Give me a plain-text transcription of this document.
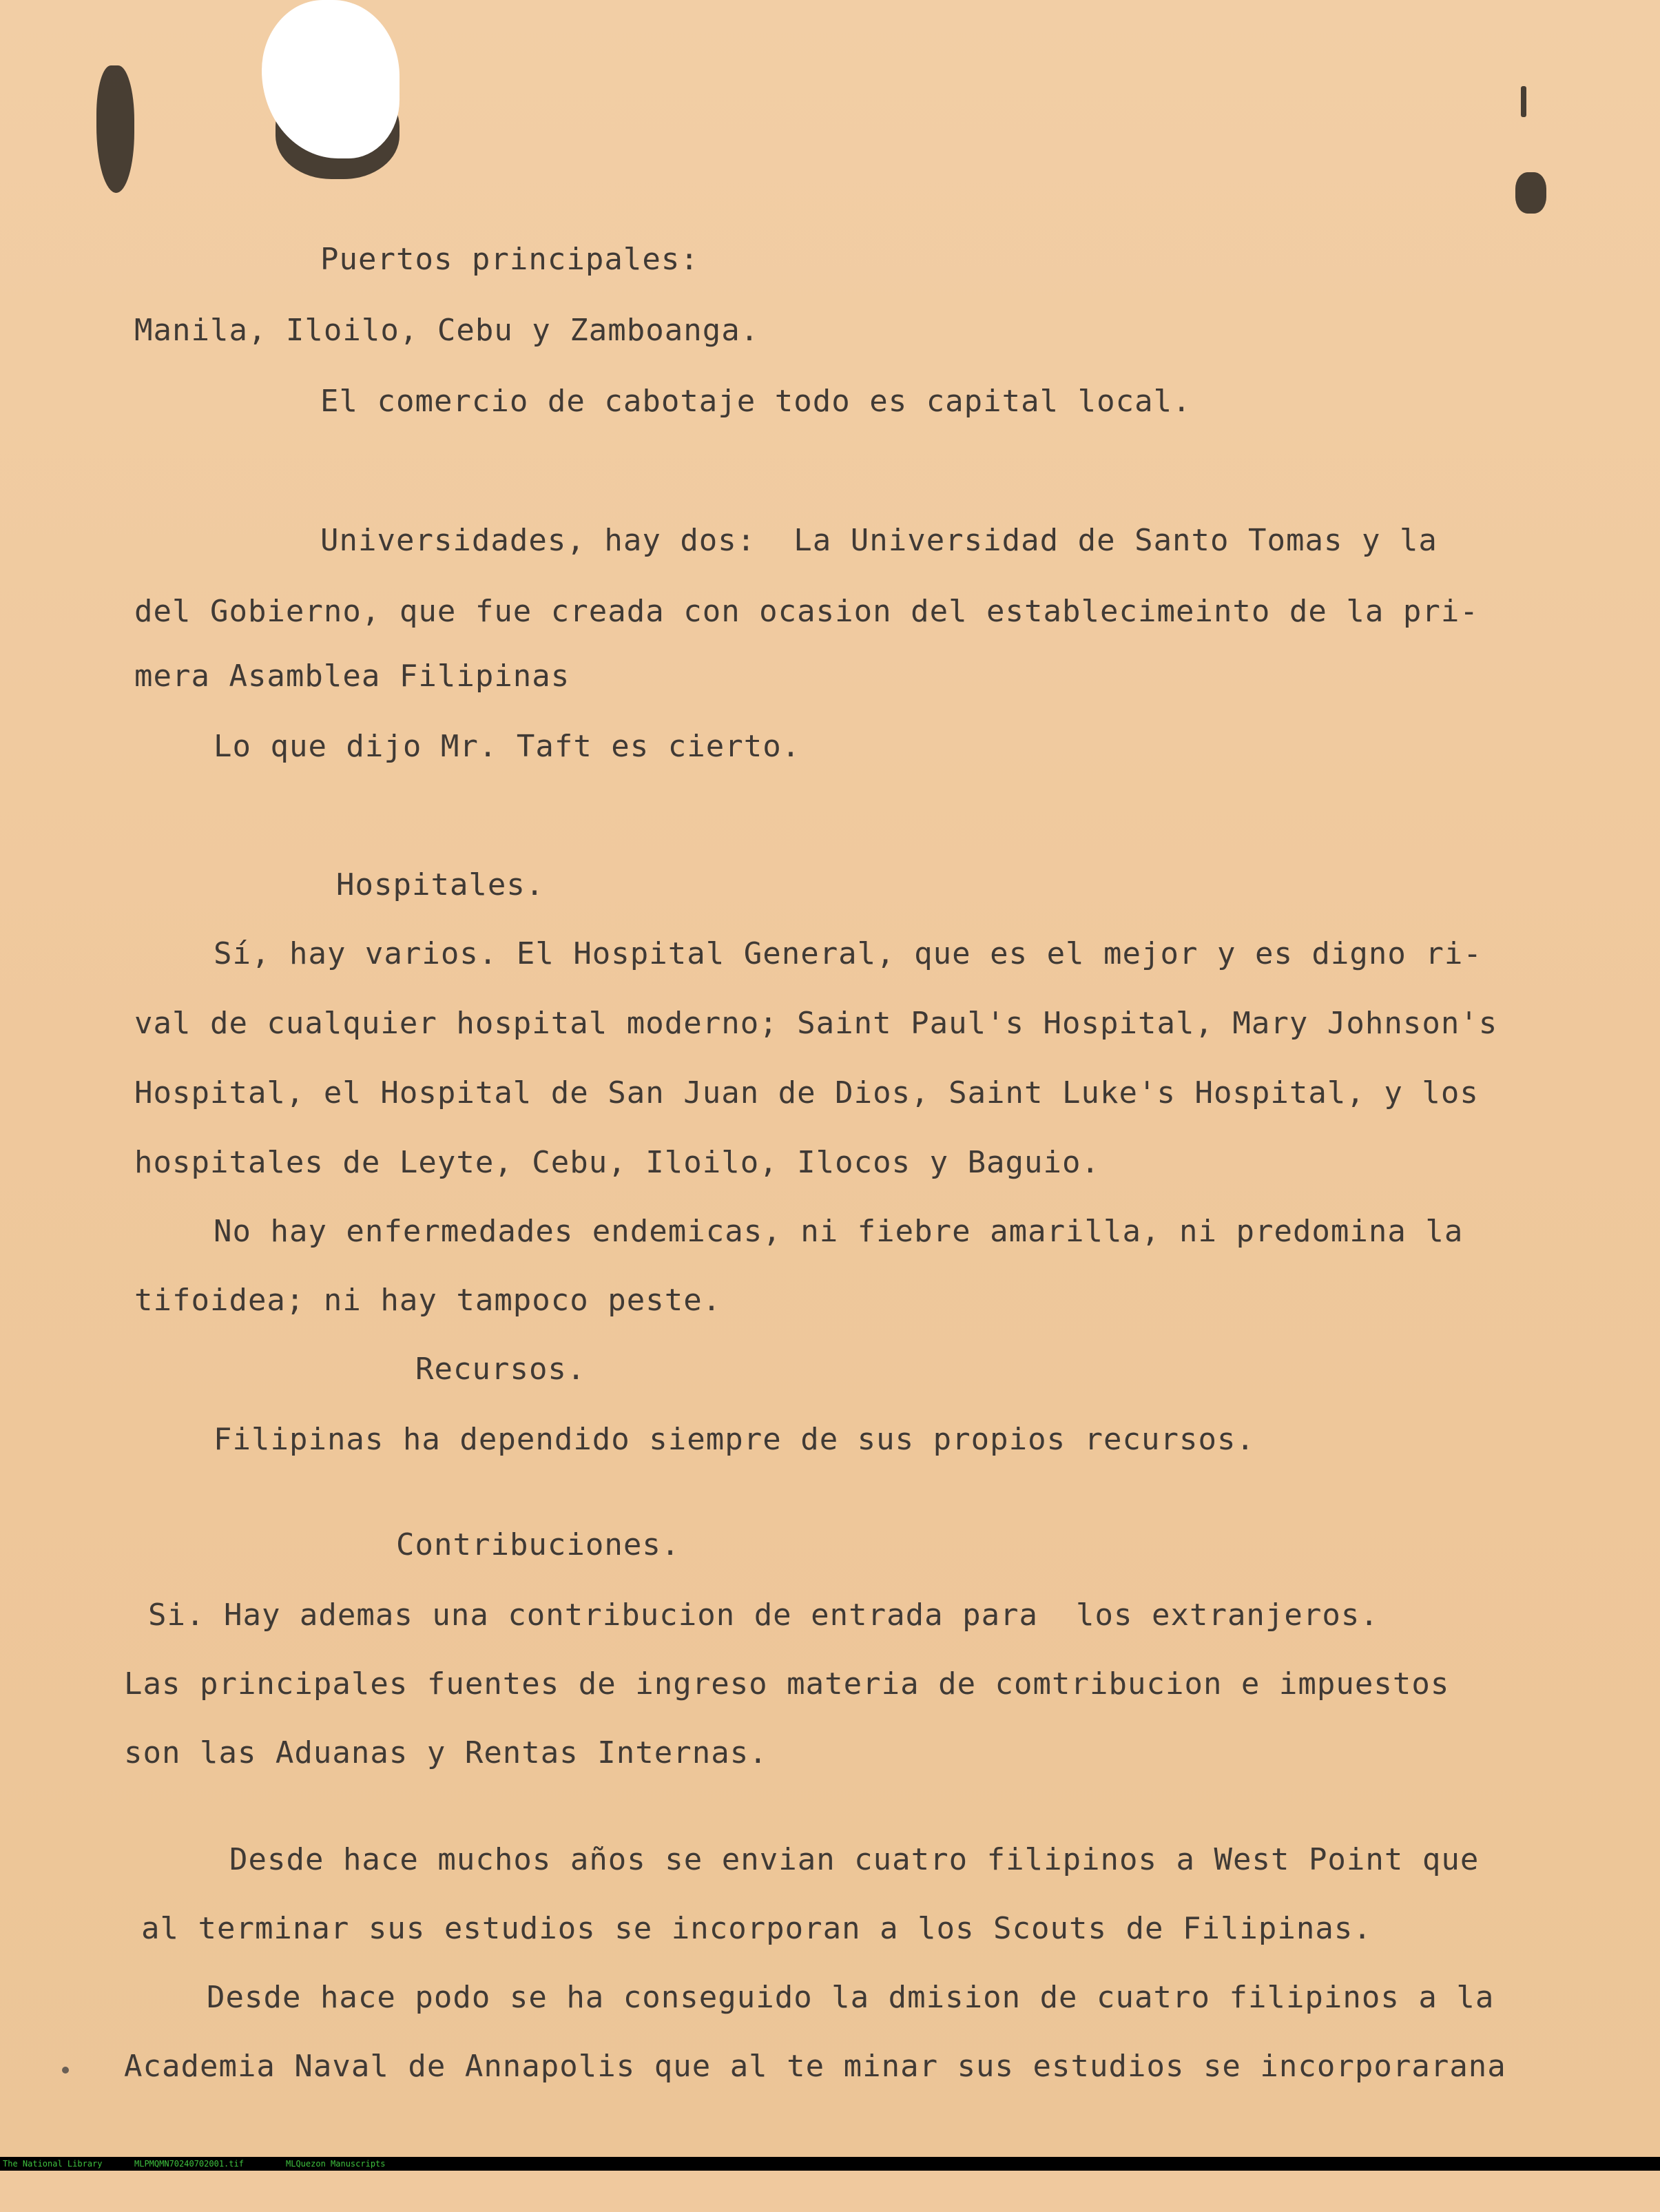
Puertos principales:
Manila, Iloilo, Cebu y Zamboanga.
El comercio de cabotaje todo es capital local.
Universidades, hay dos:  La Universidad de Santo Tomas y la
del Gobierno, que fue creada con ocasion del establecimeinto de la pri-
mera Asamblea Filipinas
Lo que dijo Mr. Taft es cierto.
Hospitales.
Sí, hay varios. El Hospital General, que es el mejor y es digno ri-
val de cualquier hospital moderno; Saint Paul's Hospital, Mary Johnson's
Hospital, el Hospital de San Juan de Dios, Saint Luke's Hospital, y los
hospitales de Leyte, Cebu, Iloilo, Ilocos y Baguio.
No hay enfermedades endemicas, ni fiebre amarilla, ni predomina la
tifoidea; ni hay tampoco peste.
Recursos.
Filipinas ha dependido siempre de sus propios recursos.
Contribuciones.
Si. Hay ademas una contribucion de entrada para  los extranjeros.
Las principales fuentes de ingreso materia de comtribucion e impuestos
son las Aduanas y Rentas Internas.
Desde hace muchos años se envian cuatro filipinos a West Point que
al terminar sus estudios se incorporan a los Scouts de Filipinas.
Desde hace podo se ha conseguido la dmision de cuatro filipinos a la
Academia Naval de Annapolis que al te minar sus estudios se incorporarana

The National Library

	MLPMQMN70240702001.tif

	MLQuezon Manuscripts
